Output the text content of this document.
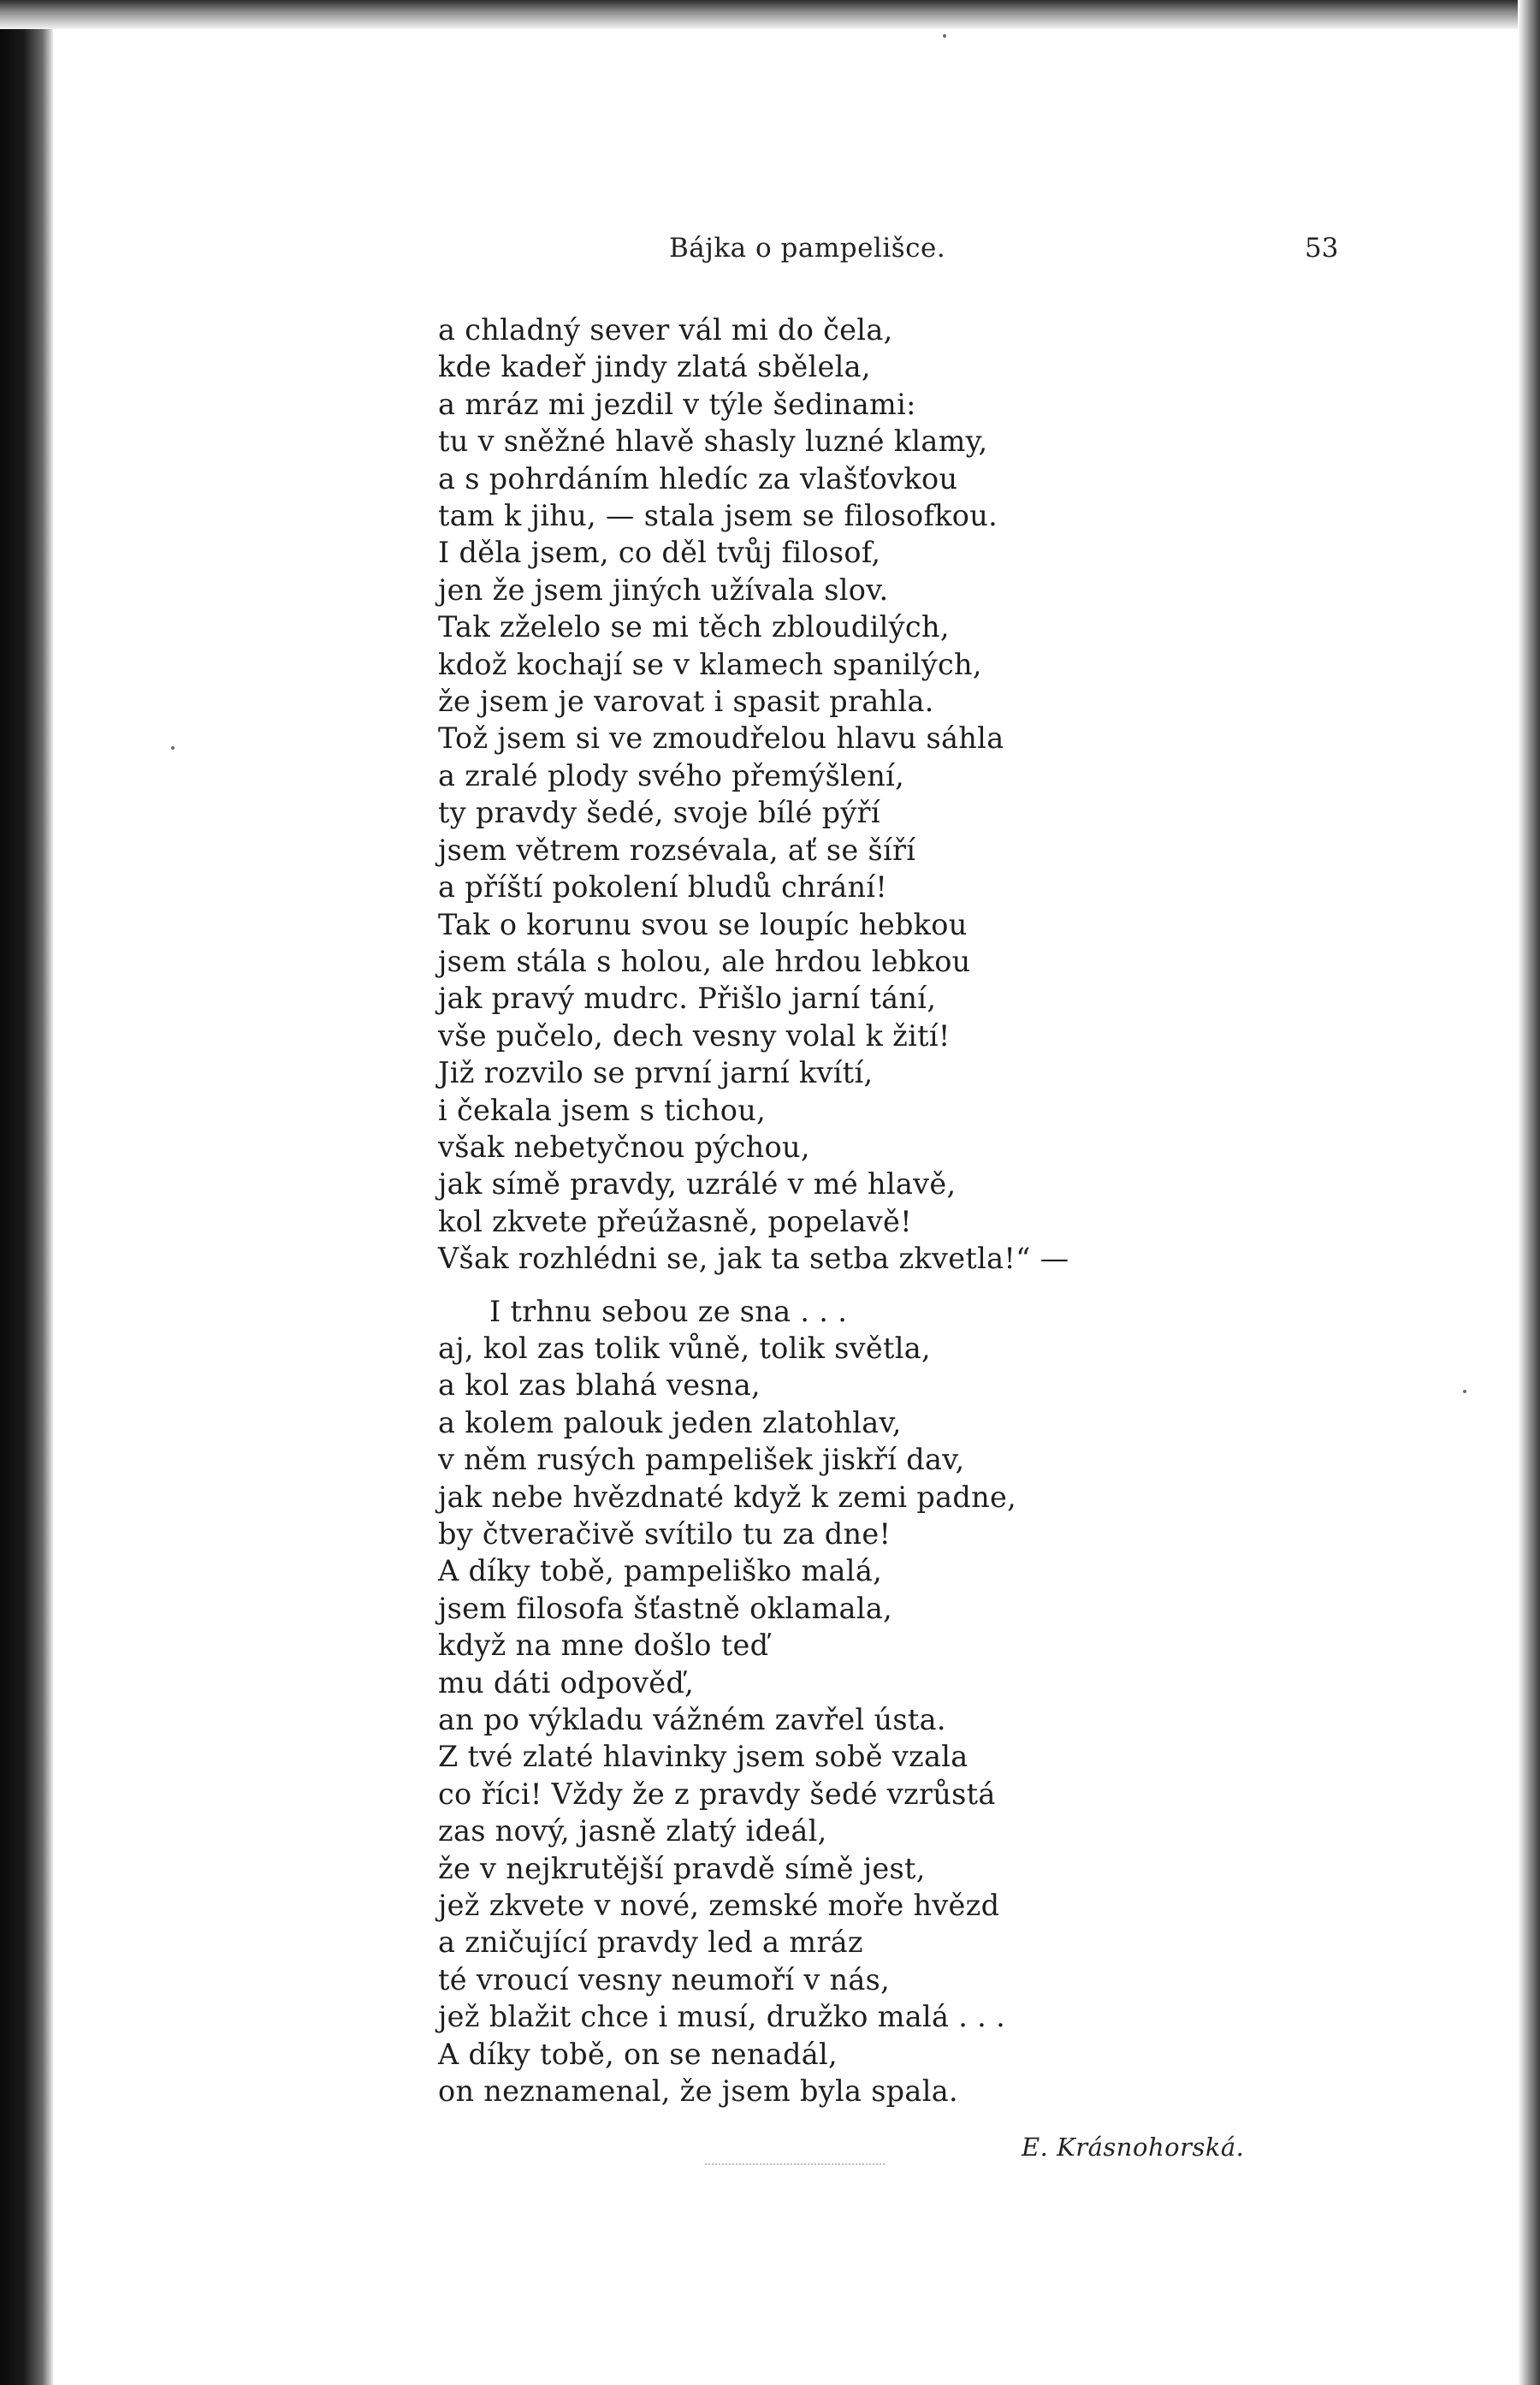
Bájka o pampelišce.	53
a chladný sever vál mi do čela,
kde kadeř jindy zlatá sbělela,
a mráz mi jezdil v týle šedinami:
tu v sněžné hlavě shasly luzné klamy,
a s pohrdáním hledíc za vlašťovkou
tam k jihu, — stala jsem se filosofkou.
I děla jsem, co děl tvůj filosof,
jen že jsem jiných užívala slov.
Tak zželelo se mi těch zbloudilých,
kdož kochají se v klamech spanilých,
že jsem je varovat i spasit prahla.
Tož jsem si ve zmoudřelou hlavu sáhla
a zralé plody svého přemýšlení,
ty pravdy šedé, svoje bílé pýří
jsem větrem rozsévala, ať se šíří
a příští pokolení bludů chrání!
Tak o korunu svou se loupíc hebkou
jsem stála s holou, ale hrdou lebkou
jak pravý mudrc. Přišlo jarní tání,
vše pučelo, dech vesny volal k žití!
Již rozvilo se první jarní kvítí,
i čekala jsem s tichou,
však nebetyčnou pýchou,
jak símě pravdy, uzrálé v mé hlavě,
kol zkvete přeúžasně, popelavě!
Však rozhlédni se, jak ta setba zkvetla!“ —
I trhnu sebou ze sna . . .
aj, kol zas tolik vůně, tolik světla,
a kol zas blahá vesna,
a kolem palouk jeden zlatohlav,
v něm rusých pampelišek jiskří dav,
jak nebe hvězdnaté když k zemi padne,
by čtveračivě svítilo tu za dne!
A díky tobě, pampeliško malá,
jsem filosofa šťastně oklamala,
když na mne došlo teď
mu dáti odpověď,
an po výkladu vážném zavřel ústa.
Z tvé zlaté hlavinky jsem sobě vzala
co říci! Vždy že z pravdy šedé vzrůstá
zas nový, jasně zlatý ideál,
že v nejkrutější pravdě símě jest,
jež zkvete v nové, zemské moře hvězd
a zničující pravdy led a mráz
té vroucí vesny neumoří v nás,
jež blažit chce i musí, družko malá . . .
A díky tobě, on se nenadál,
on neznamenal, že jsem byla spala.
E. Krásnohorská.
